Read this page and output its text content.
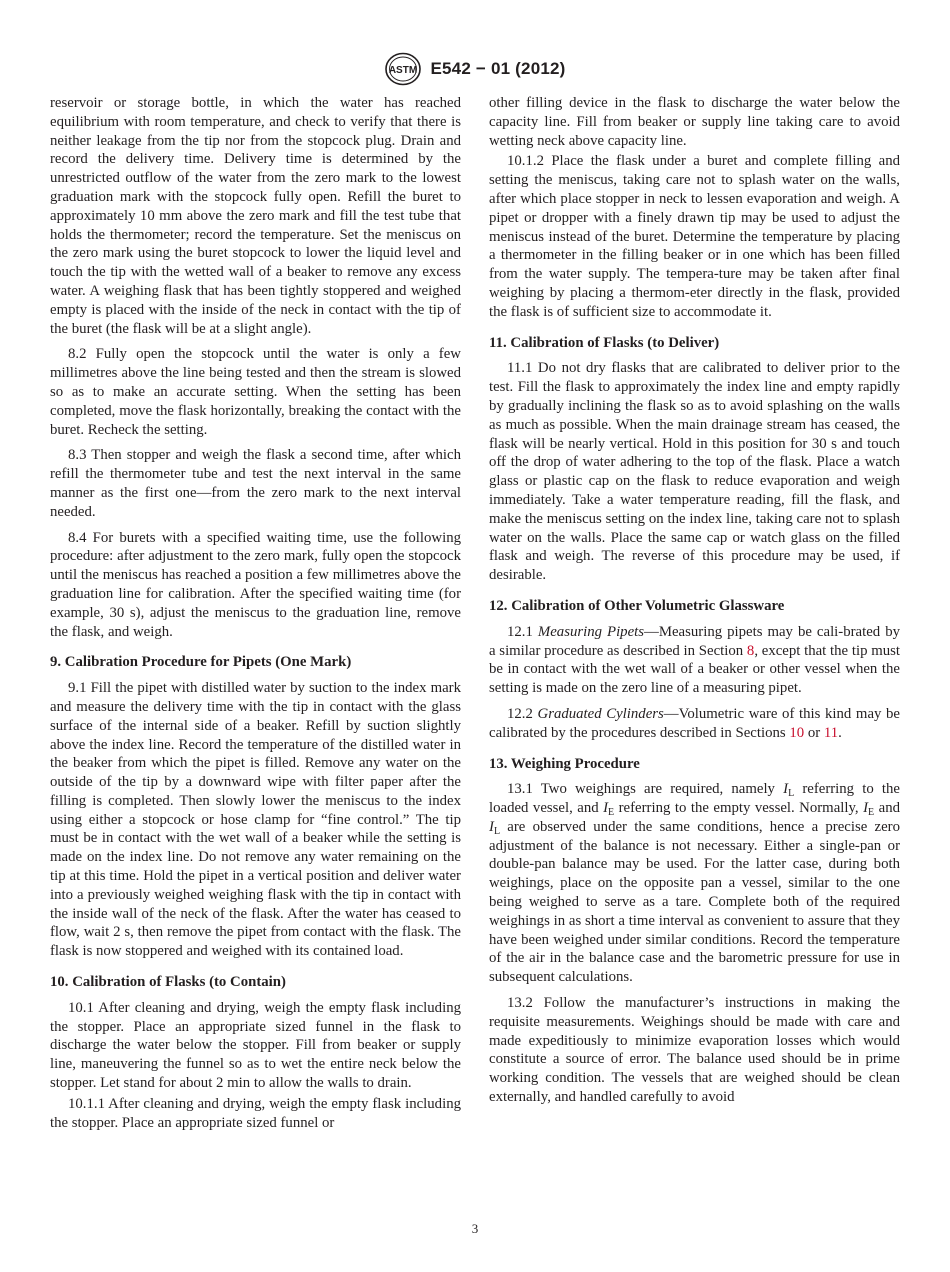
ASTM E542 − 01 (2012)

reservoir or storage bottle, in which the water has reached equilibrium with room temperature, and check to verify that there is neither leakage from the tip nor from the stopcock plug. Drain and record the delivery time. Delivery time is determined by the unrestricted outflow of the water from the zero mark to the lowest graduation mark with the stopcock fully open. Refill the buret to approximately 10 mm above the zero mark and fill the test tube that holds the thermometer; record the temperature. Set the meniscus on the zero mark using the buret stopcock to lower the liquid level and touch the tip with the wetted wall of a beaker to remove any excess water. A weighing flask that has been tightly stoppered and weighed empty is placed with the inside of the neck in contact with the tip of the buret (the flask will be at a slight angle).

8.2 Fully open the stopcock until the water is only a few millimetres above the line being tested and then the stream is slowed so as to make an accurate setting. When the setting has been completed, move the flask horizontally, breaking the contact with the buret. Recheck the setting.

8.3 Then stopper and weigh the flask a second time, after which refill the thermometer tube and test the next interval in the same manner as the first one—from the zero mark to the next interval needed.

8.4 For burets with a specified waiting time, use the following procedure: after adjustment to the zero mark, fully open the stopcock until the meniscus has reached a position a few millimetres above the graduation line for calibration. After the specified waiting time (for example, 30 s), adjust the meniscus to the graduation line, remove the flask, and weigh.

9. Calibration Procedure for Pipets (One Mark)

9.1 Fill the pipet with distilled water by suction to the index mark and measure the delivery time with the tip in contact with the glass surface of the internal side of a beaker. Refill by suction slightly above the index line. Record the temperature of the distilled water in the beaker from which the pipet is filled. Remove any water on the outside of the tip by a downward wipe with filter paper after the filling is completed. Then slowly lower the meniscus to the index using either a stopcock or hose clamp for “fine control.” The tip must be in contact with the wet wall of a beaker while the setting is made on the index line. Do not remove any water remaining on the tip at this time. Hold the pipet in a vertical position and deliver water into a previously weighed weighing flask with the tip in contact with the inside wall of the neck of the flask. After the water has ceased to flow, wait 2 s, then remove the pipet from contact with the flask. The flask is now stoppered and weighed with its contained load.

10. Calibration of Flasks (to Contain)

10.1 After cleaning and drying, weigh the empty flask including the stopper. Place an appropriate sized funnel in the flask to discharge the water below the stopper. Fill from beaker or supply line, maneuvering the funnel so as to wet the entire neck below the stopper. Let stand for about 2 min to allow the walls to drain.

10.1.1 After cleaning and drying, weigh the empty flask including the stopper. Place an appropriate sized funnel or

other filling device in the flask to discharge the water below the capacity line. Fill from beaker or supply line taking care to avoid wetting neck above capacity line.

10.1.2 Place the flask under a buret and complete filling and setting the meniscus, taking care not to splash water on the walls, after which place stopper in neck to lessen evaporation and weigh. A pipet or dropper with a finely drawn tip may be used to adjust the meniscus instead of the buret. Determine the temperature by placing a thermometer in the filling beaker or in one which has been filled from the water supply. The tempera-ture may be taken after final weighing by placing a thermom-eter directly in the flask, provided the flask is of sufficient size to accommodate it.

11. Calibration of Flasks (to Deliver)

11.1 Do not dry flasks that are calibrated to deliver prior to the test. Fill the flask to approximately the index line and empty rapidly by gradually inclining the flask so as to avoid splashing on the walls as much as possible. When the main drainage stream has ceased, the flask will be nearly vertical. Hold in this position for 30 s and touch off the drop of water adhering to the top of the flask. Place a watch glass or plastic cap on the flask to reduce evaporation and weigh immediately. Take a water temperature reading, fill the flask, and make the meniscus setting on the index line, taking care not to splash water on the walls. Place the same cap or watch glass on the filled flask and weigh. The reverse of this procedure may be used, if desirable.

12. Calibration of Other Volumetric Glassware

12.1 Measuring Pipets—Measuring pipets may be cali-brated by a similar procedure as described in Section 8, except that the tip must be in contact with the wet wall of a beaker or other vessel when the setting is made on the zero line of a measuring pipet.

12.2 Graduated Cylinders—Volumetric ware of this kind may be calibrated by the procedures described in Sections 10 or 11.

13. Weighing Procedure

13.1 Two weighings are required, namely $I_L$ referring to the loaded vessel, and $I_E$ referring to the empty vessel. Normally, $I_E$ and $I_L$ are observed under the same conditions, hence a precise zero adjustment of the balance is not necessary. Either a single-pan or double-pan balance may be used. For the latter case, during both weighings, place on the opposite pan a vessel, similar to the one being weighed to serve as a tare. Complete both of the required weighings in as short a time interval as convenient to assure that they have been weighed under similar conditions. Record the temperature of the air in the balance case and the barometric pressure for use in subsequent calculations.

13.2 Follow the manufacturer’s instructions in making the requisite measurements. Weighings should be made with care and made expeditiously to minimize evaporation losses which would constitute a source of error. The balance used should be in prime working condition. The vessels that are weighed should be clean externally, and handled carefully to avoid

3
